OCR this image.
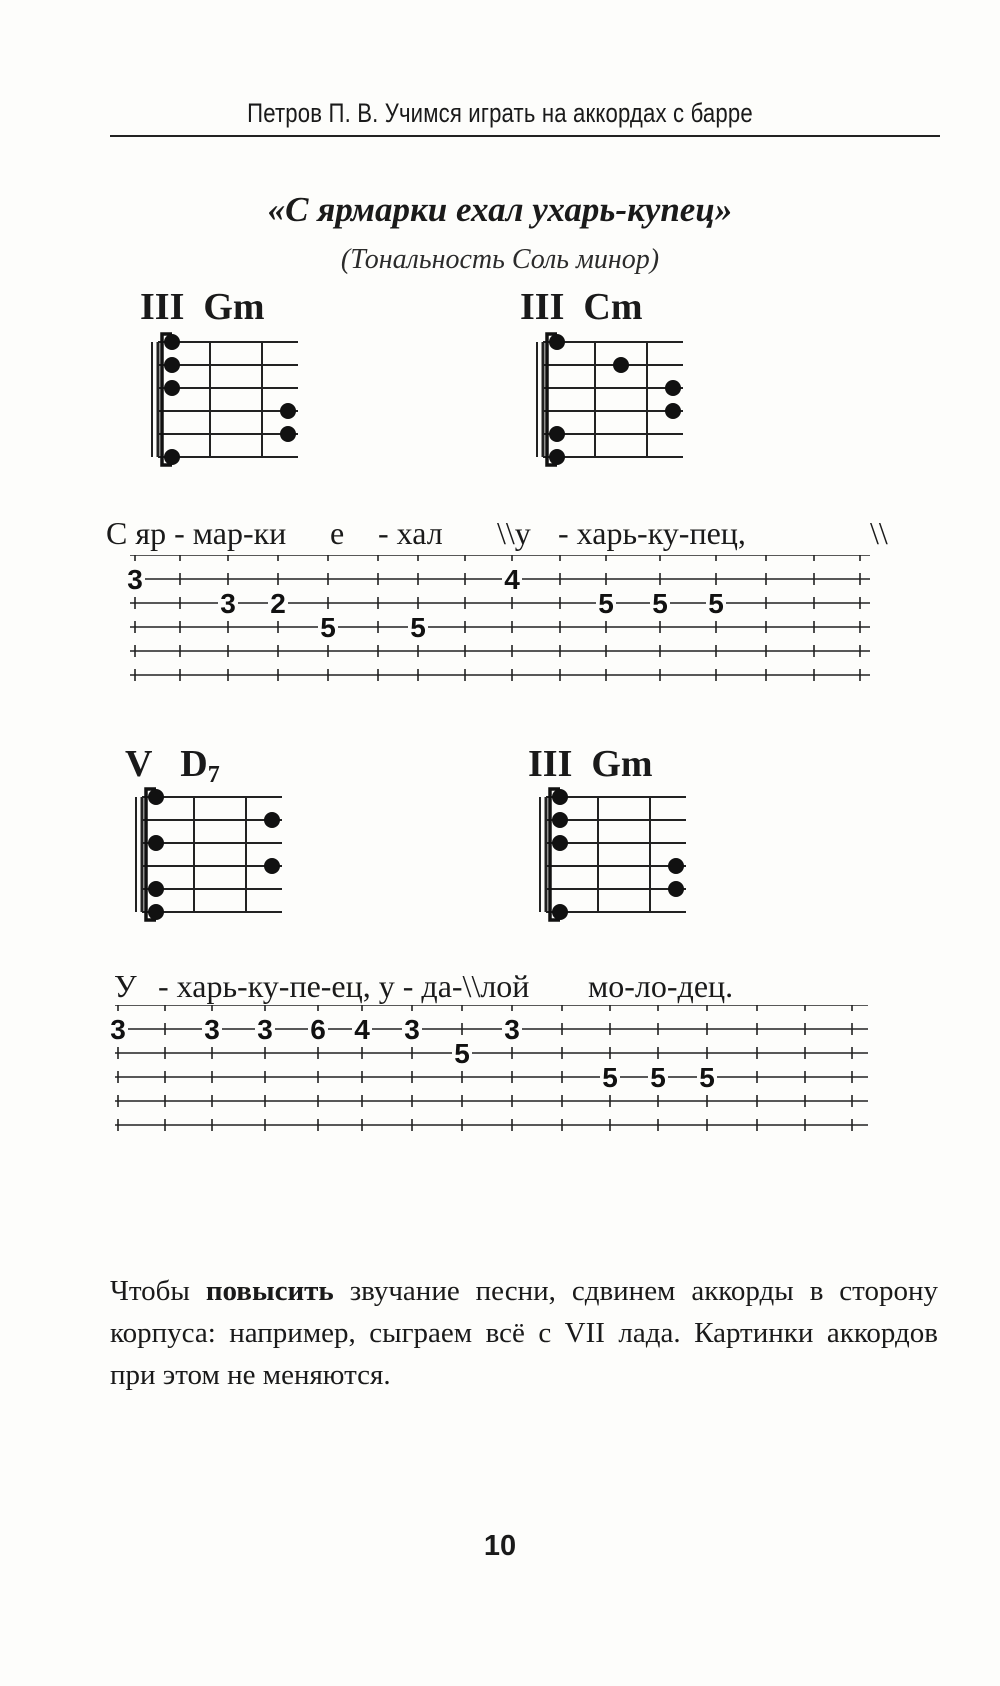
Петров П. В. Учимся играть на аккордах с барре
«С ярмарки ехал ухарь-купец»
(Тональность Соль минор)
III Gm	III Cm
С яр - мар-ки е - хал \\у - харь-ку-пец,	\\
3
3 2
5	5
4
5 5 5
V $D_7$	III Gm
У - харь-ку-пе-ец, у - да-\\лой мо-ло-дец.
3	3 3 6 4 3
5
3
5 5 5
Чтобы повысить звучание песни, сдвинем аккорды в сторону корпуса: например, сыграем всё с VII лада. Картинки аккордов при этом не меняются.
10
